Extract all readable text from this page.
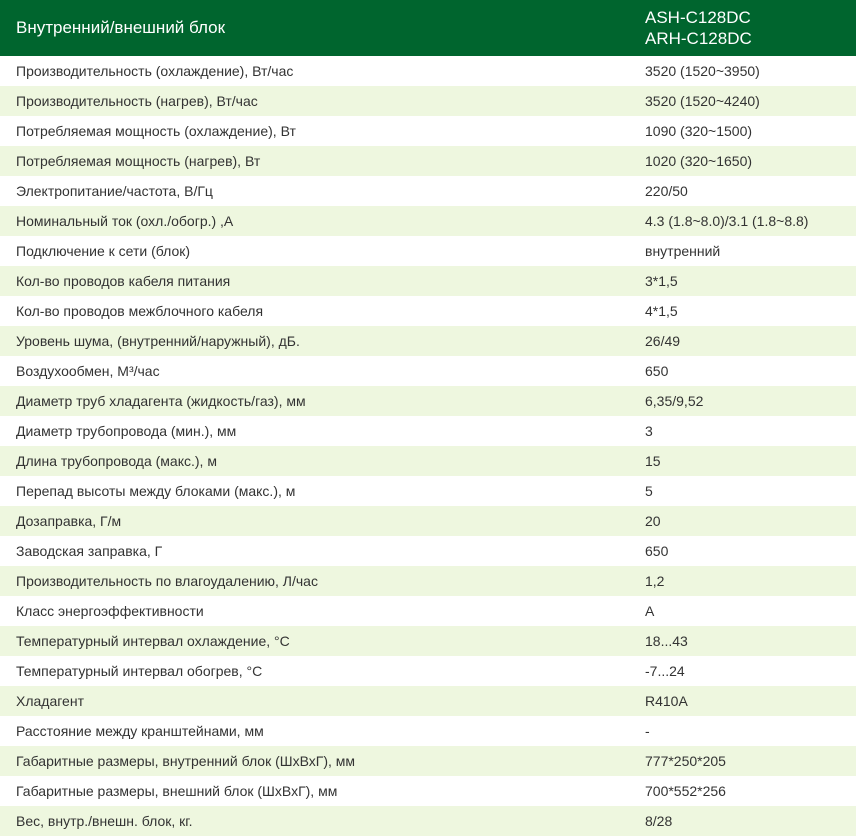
Внутренний/внешний блок	ASH-C128DC
ARH-C128DC

Производительность (охлаждение), Вт/час	3520 (1520~3950)
Производительность (нагрев), Вт/час	3520 (1520~4240)
Потребляемая мощность (охлаждение), Вт	1090 (320~1500)
Потребляемая мощность (нагрев), Вт	1020 (320~1650)
Электропитание/частота, В/Гц	220/50
Номинальный ток (охл./обогр.) ,А	4.3 (1.8~8.0)/3.1 (1.8~8.8)
Подключение к сети (блок)	внутренний
Кол-во проводов кабеля питания	3*1,5
Кол-во проводов межблочного кабеля	4*1,5
Уровень шума, (внутренний/наружный), дБ.	26/49
Воздухообмен, М³/час	650
Диаметр труб хладагента (жидкость/газ), мм	6,35/9,52
Диаметр трубопровода (мин.), мм	3
Длина трубопровода (макс.), м	15
Перепад высоты между блоками (макс.), м	5
Дозаправка, Г/м	20
Заводская заправка, Г	650
Производительность по влагоудалению, Л/час	1,2
Класс энергоэффективности	A
Температурный интервал охлаждение, °С	18...43
Температурный интервал обогрев, °С	-7...24
Хладагент	R410A
Расстояние между кранштейнами, мм	-
Габаритные размеры, внутренний блок (ШхВхГ), мм	777*250*205
Габаритные размеры, внешний блок (ШхВхГ), мм	700*552*256
Вес, внутр./внешн. блок, кг.	8/28
